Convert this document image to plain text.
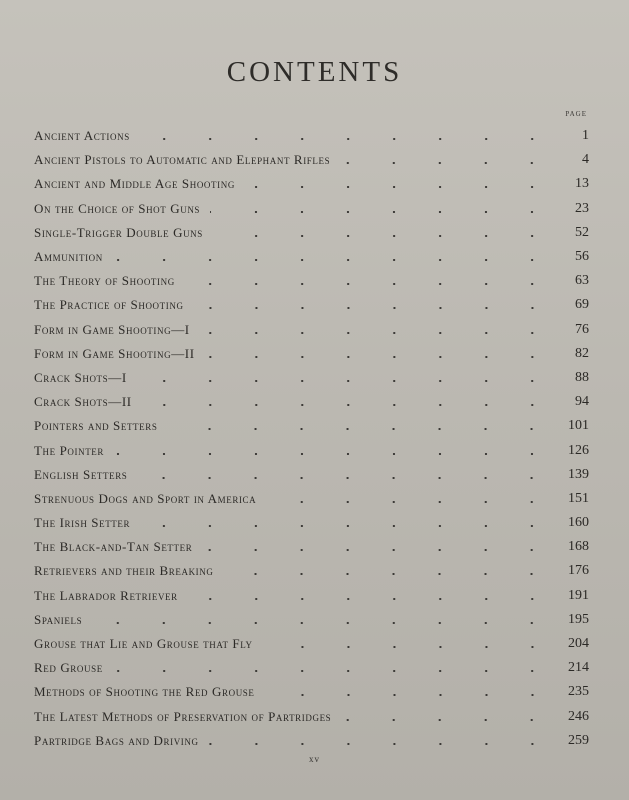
CONTENTS
PAGE
Ancient Actions	1
Ancient Pistols to Automatic and Elephant Rifles	4
Ancient and Middle Age Shooting	13
On the Choice of Shot Guns	23
Single-Trigger Double Guns	52
Ammunition	56
The Theory of Shooting	63
The Practice of Shooting	69
Form in Game Shooting—I	76
Form in Game Shooting—II	82
Crack Shots—I	88
Crack Shots—II	94
Pointers and Setters	101
The Pointer	126
English Setters	139
Strenuous Dogs and Sport in America	151
The Irish Setter	160
The Black-and-Tan Setter	168
Retrievers and their Breaking	176
The Labrador Retriever	191
Spaniels	195
Grouse that Lie and Grouse that Fly	204
Red Grouse	214
Methods of Shooting the Red Grouse	235
The Latest Methods of Preservation of Partridges	246
Partridge Bags and Driving	259
xv
